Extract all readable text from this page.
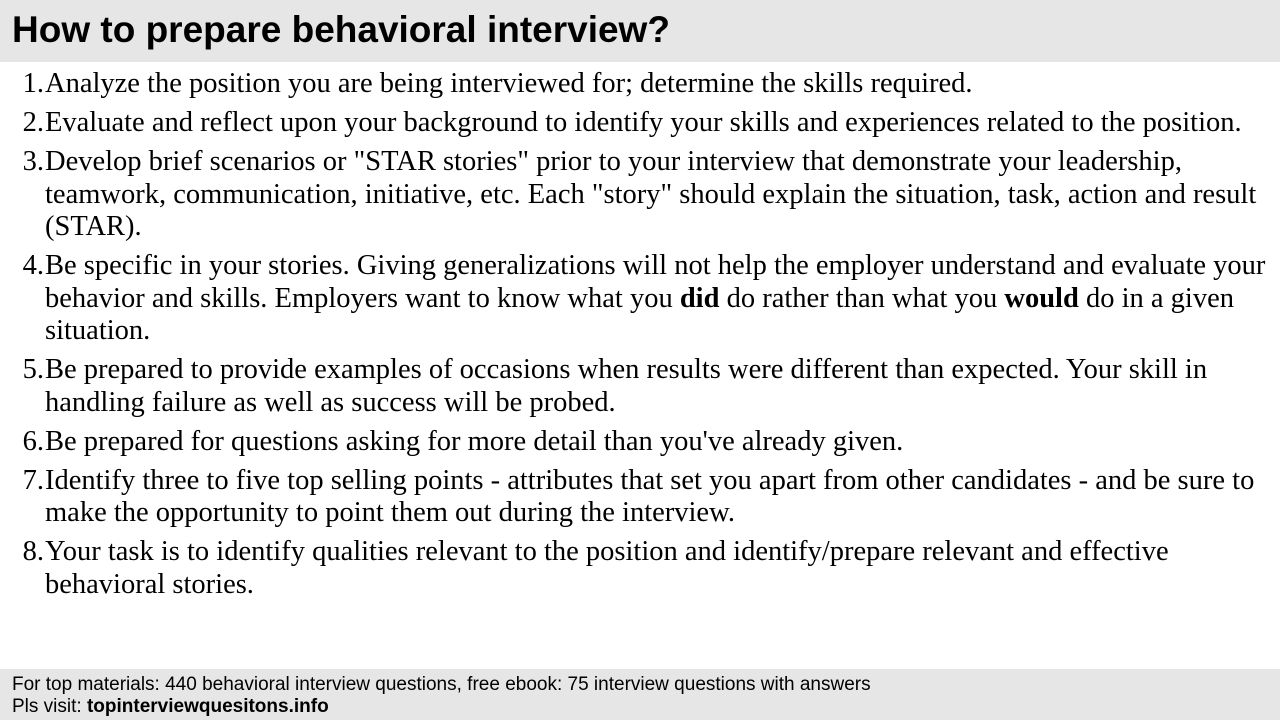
How to prepare behavioral interview?
1. Analyze the position you are being interviewed for; determine the skills required.
2. Evaluate and reflect upon your background to identify your skills and experiences related to the position.
3. Develop brief scenarios or "STAR stories" prior to your interview that demonstrate your leadership, teamwork, communication, initiative, etc. Each "story" should explain the situation, task, action and result (STAR).
4. Be specific in your stories. Giving generalizations will not help the employer understand and evaluate your behavior and skills. Employers want to know what you did do rather than what you would do in a given situation.
5. Be prepared to provide examples of occasions when results were different than expected. Your skill in handling failure as well as success will be probed.
6. Be prepared for questions asking for more detail than you've already given.
7. Identify three to five top selling points - attributes that set you apart from other candidates - and be sure to make the opportunity to point them out during the interview.
8. Your task is to identify qualities relevant to the position and identify/prepare relevant and effective behavioral stories.

For top materials: 440 behavioral interview questions, free ebook: 75 interview questions with answers

Pls visit: topinterviewquesitons.info
